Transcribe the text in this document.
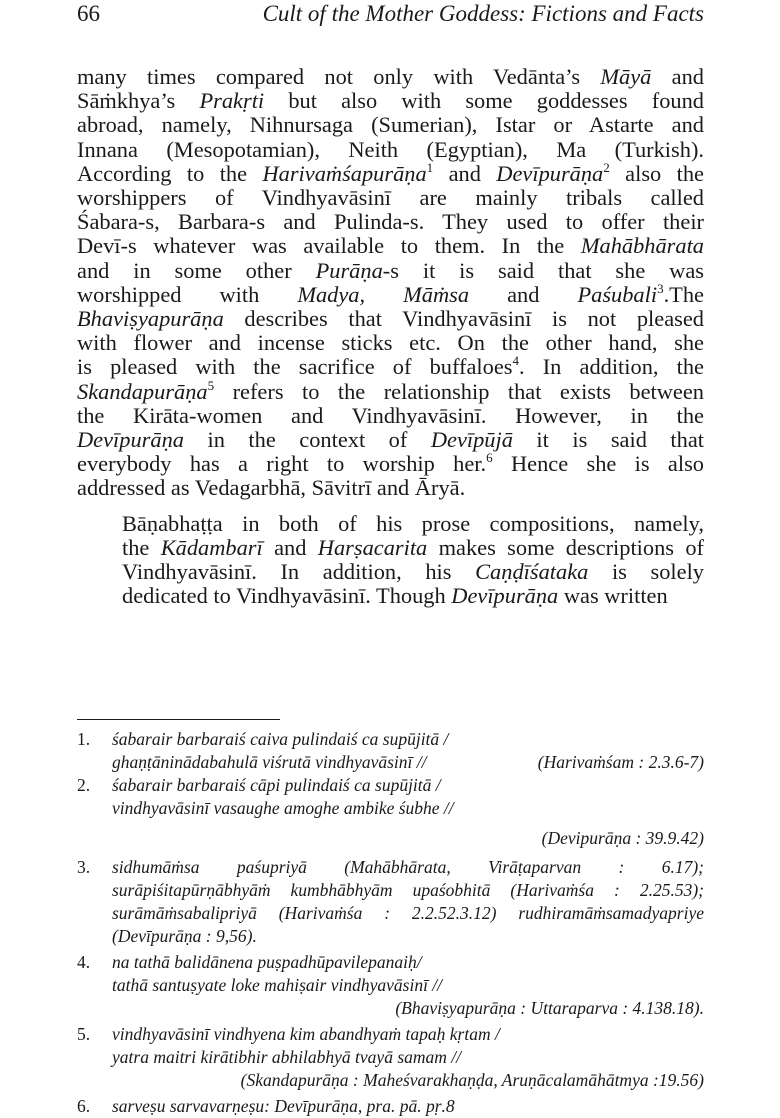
66	Cult of the Mother Goddess: Fictions and Facts

many times compared not only with Vedānta’s Māyā and
Sāṁkhya’s Prakṛti but also with some goddesses found
abroad, namely, Nihnursaga (Sumerian), Istar or Astarte and
Innana (Mesopotamian), Neith (Egyptian), Ma (Turkish).
According to the Harivaṁśapurāṇa$^1$ and Devīpurāṇa$^2$ also the
worshippers of Vindhyavāsinī are mainly tribals called
Śabara-s, Barbara-s and Pulinda-s. They used to offer their
Devī-s whatever was available to them. In the Mahābhārata
and in some other Purāṇa-s it is said that she was
worshipped with Madya, Māṁsa and Paśubali$^3$.The
Bhaviṣyapurāṇa describes that Vindhyavāsinī is not pleased
with flower and incense sticks etc. On the other hand, she
is pleased with the sacrifice of buffaloes$^4$. In addition, the
Skandapurāṇa$^5$ refers to the relationship that exists between
the Kirāta-women and Vindhyavāsinī. However, in the
Devīpurāṇa in the context of Devīpūjā it is said that
everybody has a right to worship her.$^6$ Hence she is also
addressed as Vedagarbhā, Sāvitrī and Āryā.

Bāṇabhaṭṭa in both of his prose compositions, namely,
the Kādambarī and Harṣacarita makes some descriptions of
Vindhyavāsinī. In addition, his Caṇḍīśataka is solely
dedicated to Vindhyavāsinī. Though Devīpurāṇa was written

1. śabarair barbaraiś caiva pulindaiś ca supūjitā /
ghaṇṭāninādabahulā viśrutā vindhyavāsinī //	(Harivaṁśam : 2.3.6-7)
2. śabarair barbaraiś cāpi pulindaiś ca supūjitā /
vindhyavāsinī vasaughe amoghe ambike śubhe //
(Devipurāṇa : 39.9.42)
3. sidhumāṁsa paśupriyā (Mahābhārata, Virāṭaparvan : 6.17);
surāpiśitapūrṇābhyāṁ kumbhābhyām upaśobhitā (Harivaṁśa : 2.25.53);
surāmāṁsabalipriyā (Harivaṁśa : 2.2.52.3.12) rudhiramāṁsamadyapriye
(Devīpurāṇa : 9,56).
4. na tathā balidānena puṣpadhūpavilepanaiḥ/
tathā santuṣyate loke mahiṣair vindhyavāsinī //
(Bhaviṣyapurāṇa : Uttaraparva : 4.138.18).
5. vindhyavāsinī vindhyena kim abandhyaṁ tapaḥ kṛtam /
yatra maitri kirātibhir abhilabhyā tvayā samam //
(Skandapurāṇa : Maheśvarakhaṇḍa, Aruṇācalamāhātmya :19.56)
6. sarveṣu sarvavarṇeṣu: Devīpurāṇa, pra. pā. pṛ.8
